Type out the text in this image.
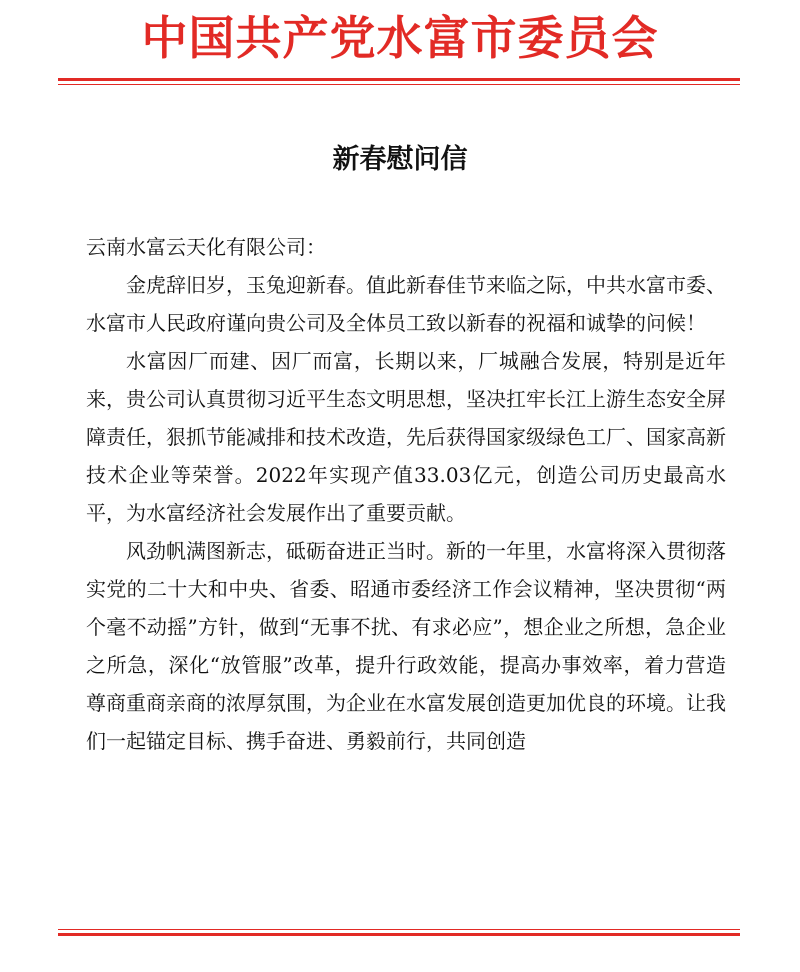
中国共产党水富市委员会
新春慰问信

云南水富云天化有限公司：

金虎辞旧岁，玉兔迎新春。值此新春佳节来临之际，中共水富市委、水富市人民政府谨向贵公司及全体员工致以新春的祝福和诚挚的问候！

水富因厂而建、因厂而富，长期以来，厂城融合发展，特别是近年来，贵公司认真贯彻习近平生态文明思想，坚决扛牢长江上游生态安全屏障责任，狠抓节能减排和技术改造，先后获得国家级绿色工厂、国家高新技术企业等荣誉。2022年实现产值33.03亿元，创造公司历史最高水平，为水富经济社会发展作出了重要贡献。

风劲帆满图新志，砥砺奋进正当时。新的一年里，水富将深入贯彻落实党的二十大和中央、省委、昭通市委经济工作会议精神，坚决贯彻“两个毫不动摇”方针，做到“无事不扰、有求必应”，想企业之所想，急企业之所急，深化“放管服”改革，提升行政效能，提高办事效率，着力营造尊商重商亲商的浓厚氛围，为企业在水富发展创造更加优良的环境。让我们一起锚定目标、携手奋进、勇毅前行，共同创造
